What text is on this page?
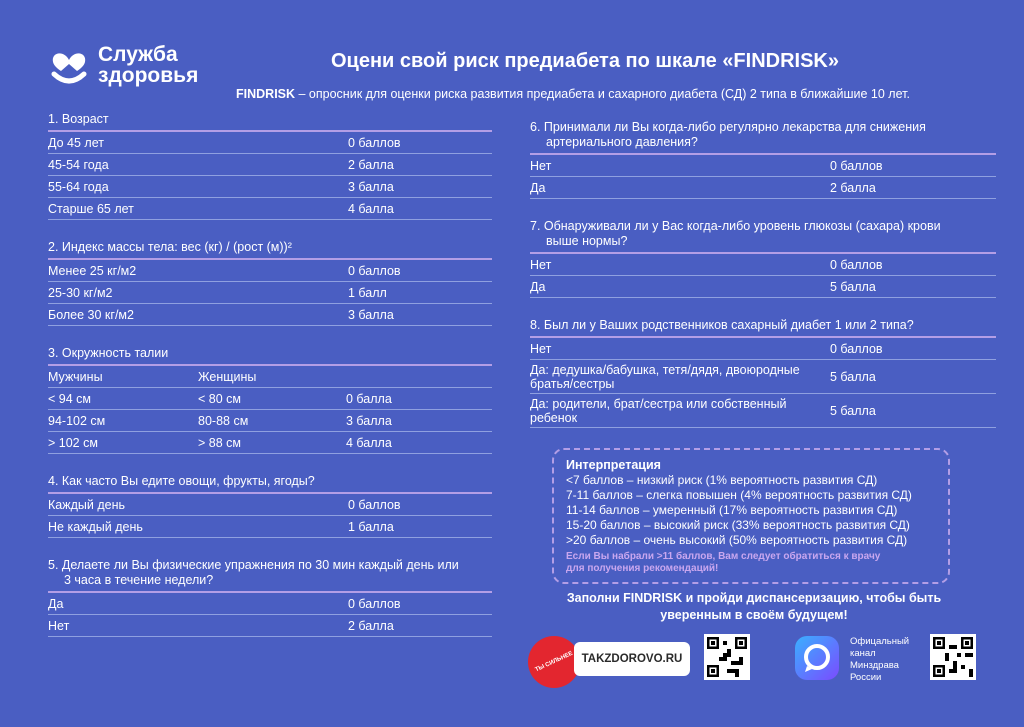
Служба
здоровья
Оцени свой риск предиабета по шкале «FINDRISK»
FINDRISK – опросник для оценки риска развития предиабета и сахарного диабета (СД) 2 типа в ближайшие 10 лет.
1. Возраст
До 45 лет	0 баллов
45-54 года	2 балла
55-64 года	3 балла
Старше 65 лет	4 балла
2. Индекс массы тела: вес (кг) / (рост (м))²
Менее 25 кг/м2	0 баллов
25-30 кг/м2	1 балл
Более 30 кг/м2	3 балла
3. Окружность талии
Мужчины	Женщины
< 94 см	< 80 см	0 балла
94-102 см	80-88 см	3 балла
> 102 см	> 88 см	4 балла
4. Как часто Вы едите овощи, фрукты, ягоды?
Каждый день	0 баллов
Не каждый день	1 балла
5. Делаете ли Вы физические упражнения по 30 мин каждый день или
3 часа в течение недели?
Да	0 баллов
Нет	2 балла
6. Принимали ли Вы когда-либо регулярно лекарства для снижения
артериального давления?
Нет	0 баллов
Да	2 балла
7. Обнаруживали ли у Вас когда-либо уровень глюкозы (сахара) крови
выше нормы?
Нет	0 баллов
Да	5 балла
8. Был ли у Ваших родственников сахарный диабет 1 или 2 типа?
Нет	0 баллов
Да: дедушка/бабушка, тетя/дядя, двоюродные братья/сестры	5 балла
Да: родители, брат/сестра или собственный ребенок	5 балла
Интерпретация
<7 баллов – низкий риск (1% вероятность развития СД)
7-11 баллов – слегка повышен (4% вероятность развития СД)
11-14 баллов – умеренный (17% вероятность развития СД)
15-20 баллов – высокий риск (33% вероятность развития СД)
>20 баллов – очень высокий (50% вероятность развития СД)
Если Вы набрали >11 баллов, Вам следует обратиться к врачу
для получения рекомендаций!
Заполни FINDRISK и пройди диспансеризацию, чтобы быть
уверенным в своём будущем!
ТЫ СИЛЬНЕЕ TAKZDOROVO.RU
Офицальный
канал
Минздрава
России
